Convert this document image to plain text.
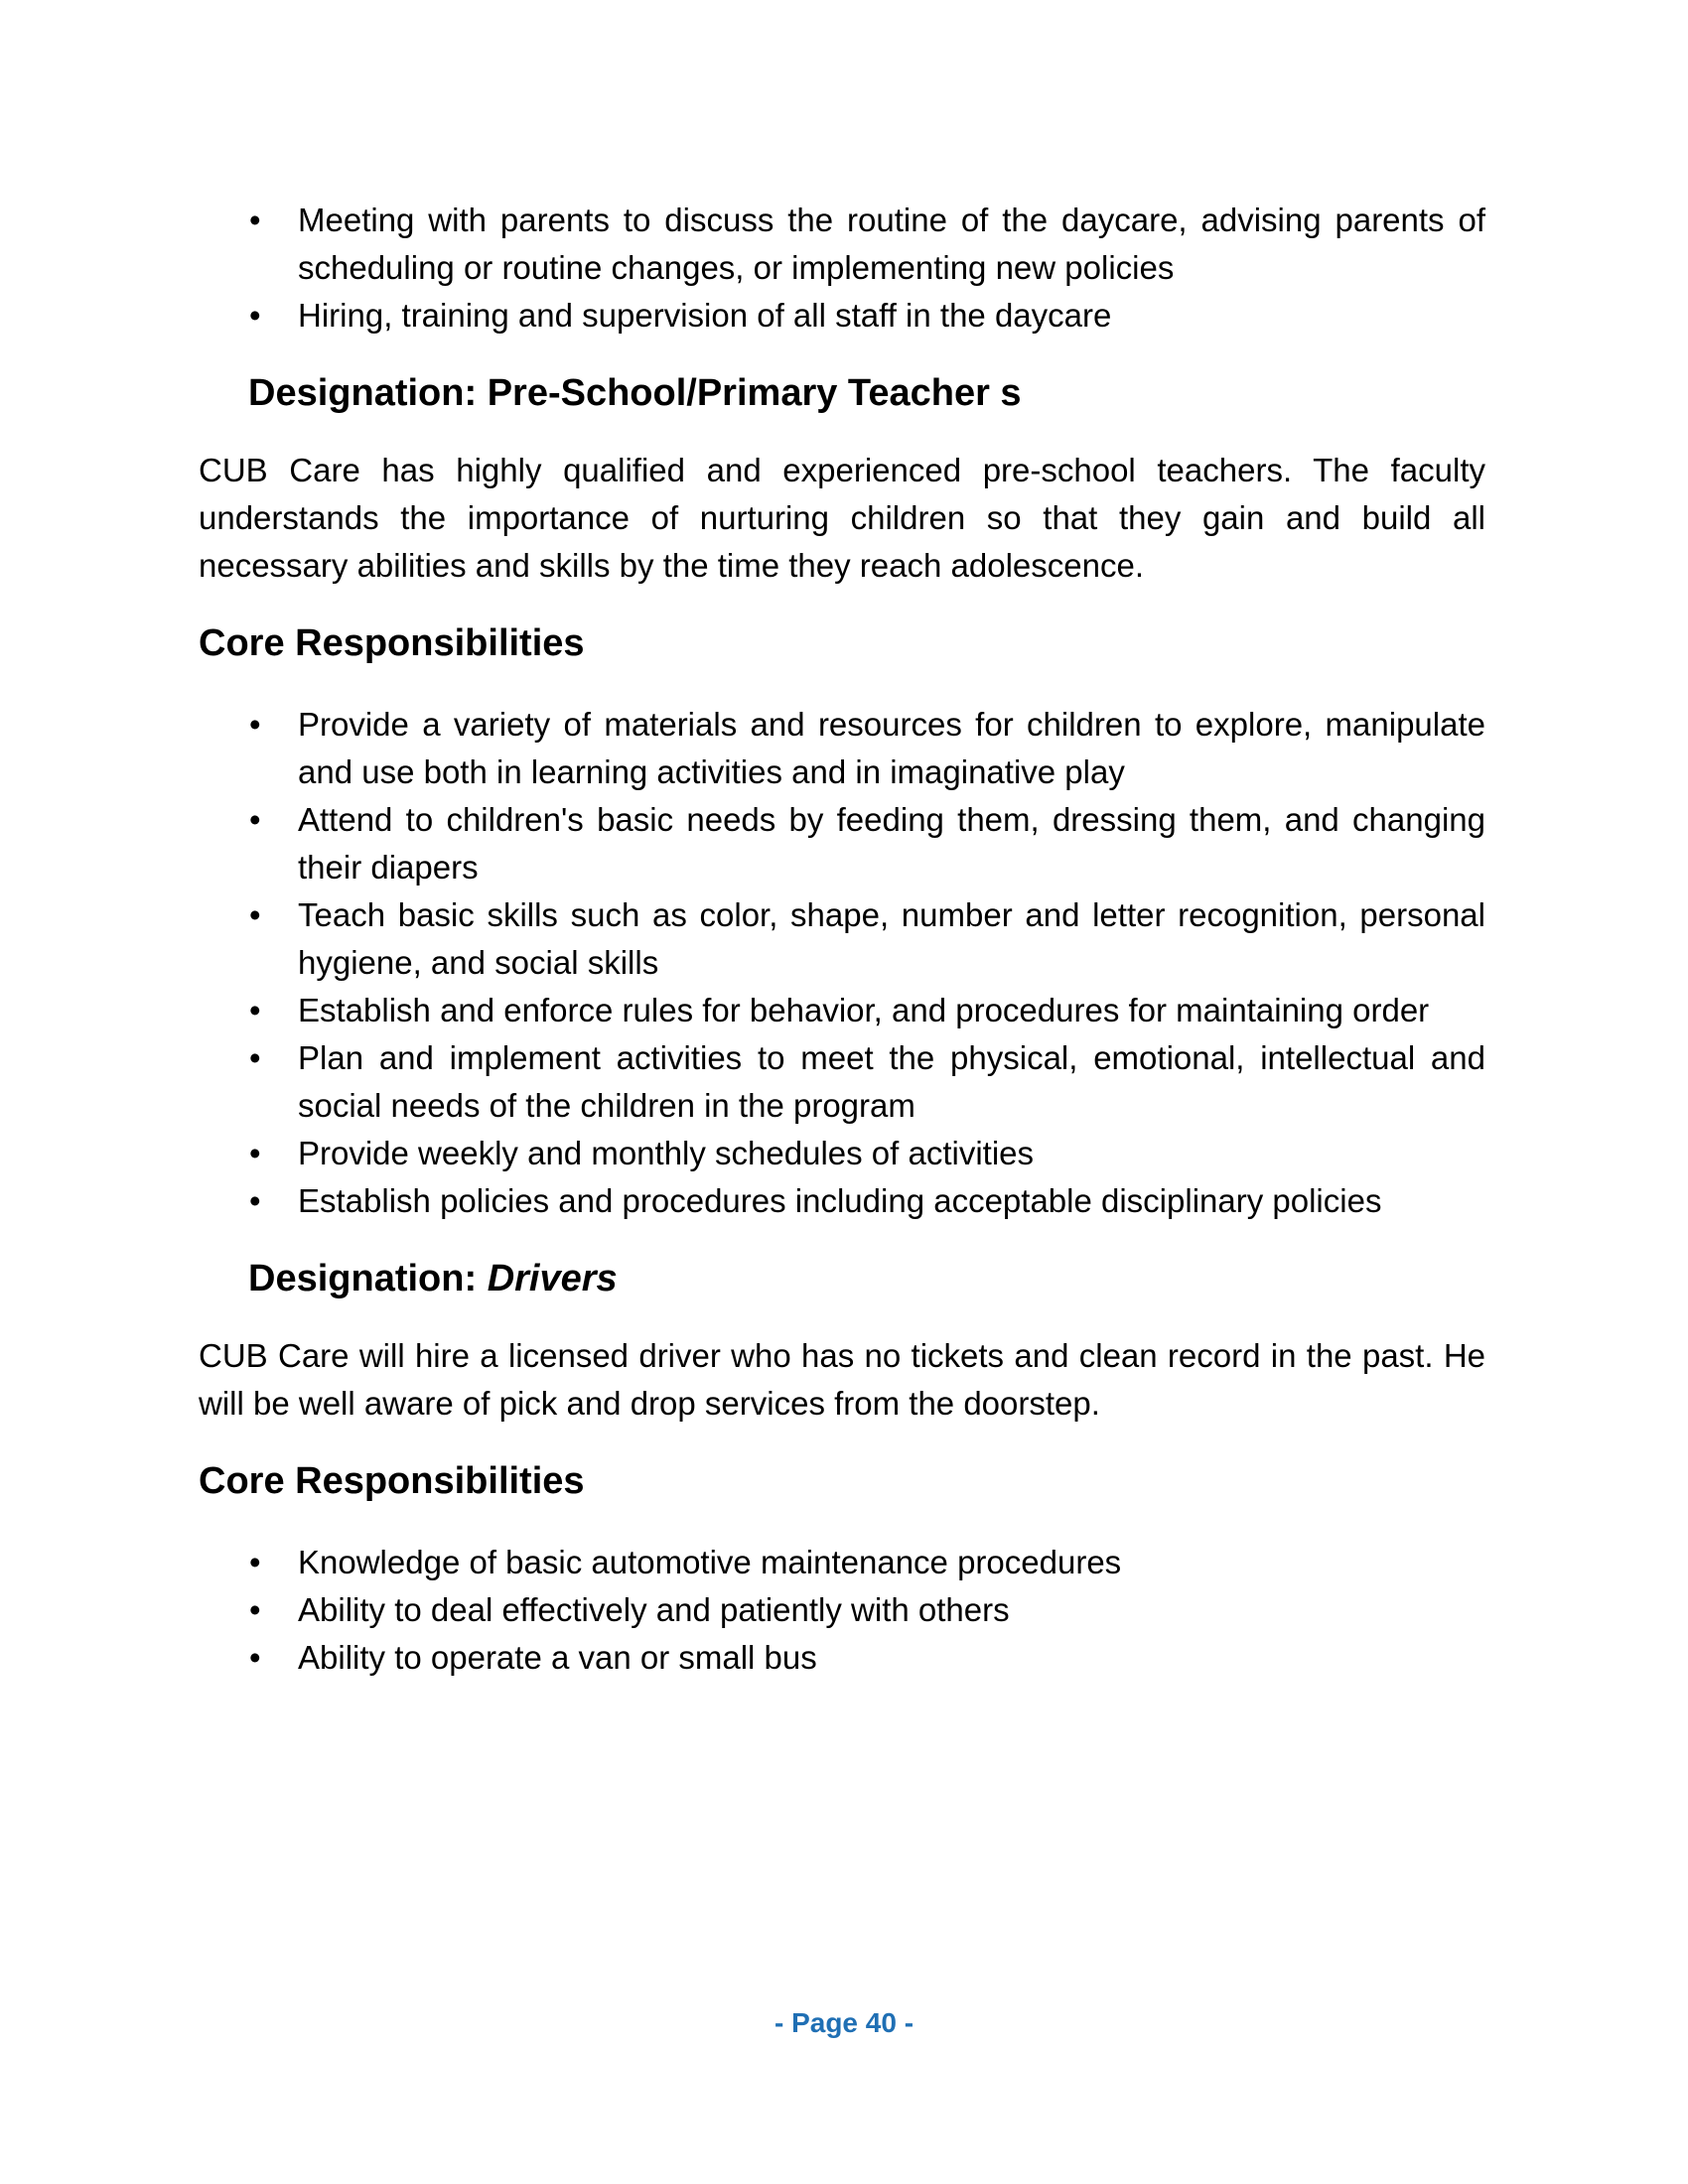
• Meeting with parents to discuss the routine of the daycare, advising parents of scheduling or routine changes, or implementing new policies
• Hiring, training and supervision of all staff in the daycare
Designation: Pre-School/Primary Teacher s

CUB Care has highly qualified and experienced pre-school teachers. The faculty understands the importance of nurturing children so that they gain and build all necessary abilities and skills by the time they reach adolescence.

Core Responsibilities
• Provide a variety of materials and resources for children to explore, manipulate and use both in learning activities and in imaginative play
• Attend to children's basic needs by feeding them, dressing them, and changing their diapers
• Teach basic skills such as color, shape, number and letter recognition, personal hygiene, and social skills
• Establish and enforce rules for behavior, and procedures for maintaining order
• Plan and implement activities to meet the physical, emotional, intellectual and social needs of the children in the program
• Provide weekly and monthly schedules of activities
• Establish policies and procedures including acceptable disciplinary policies
Designation: Drivers

CUB Care will hire a licensed driver who has no tickets and clean record in the past. He will be well aware of pick and drop services from the doorstep.

Core Responsibilities
• Knowledge of basic automotive maintenance procedures
• Ability to deal effectively and patiently with others
• Ability to operate a van or small bus
- Page 40 -
